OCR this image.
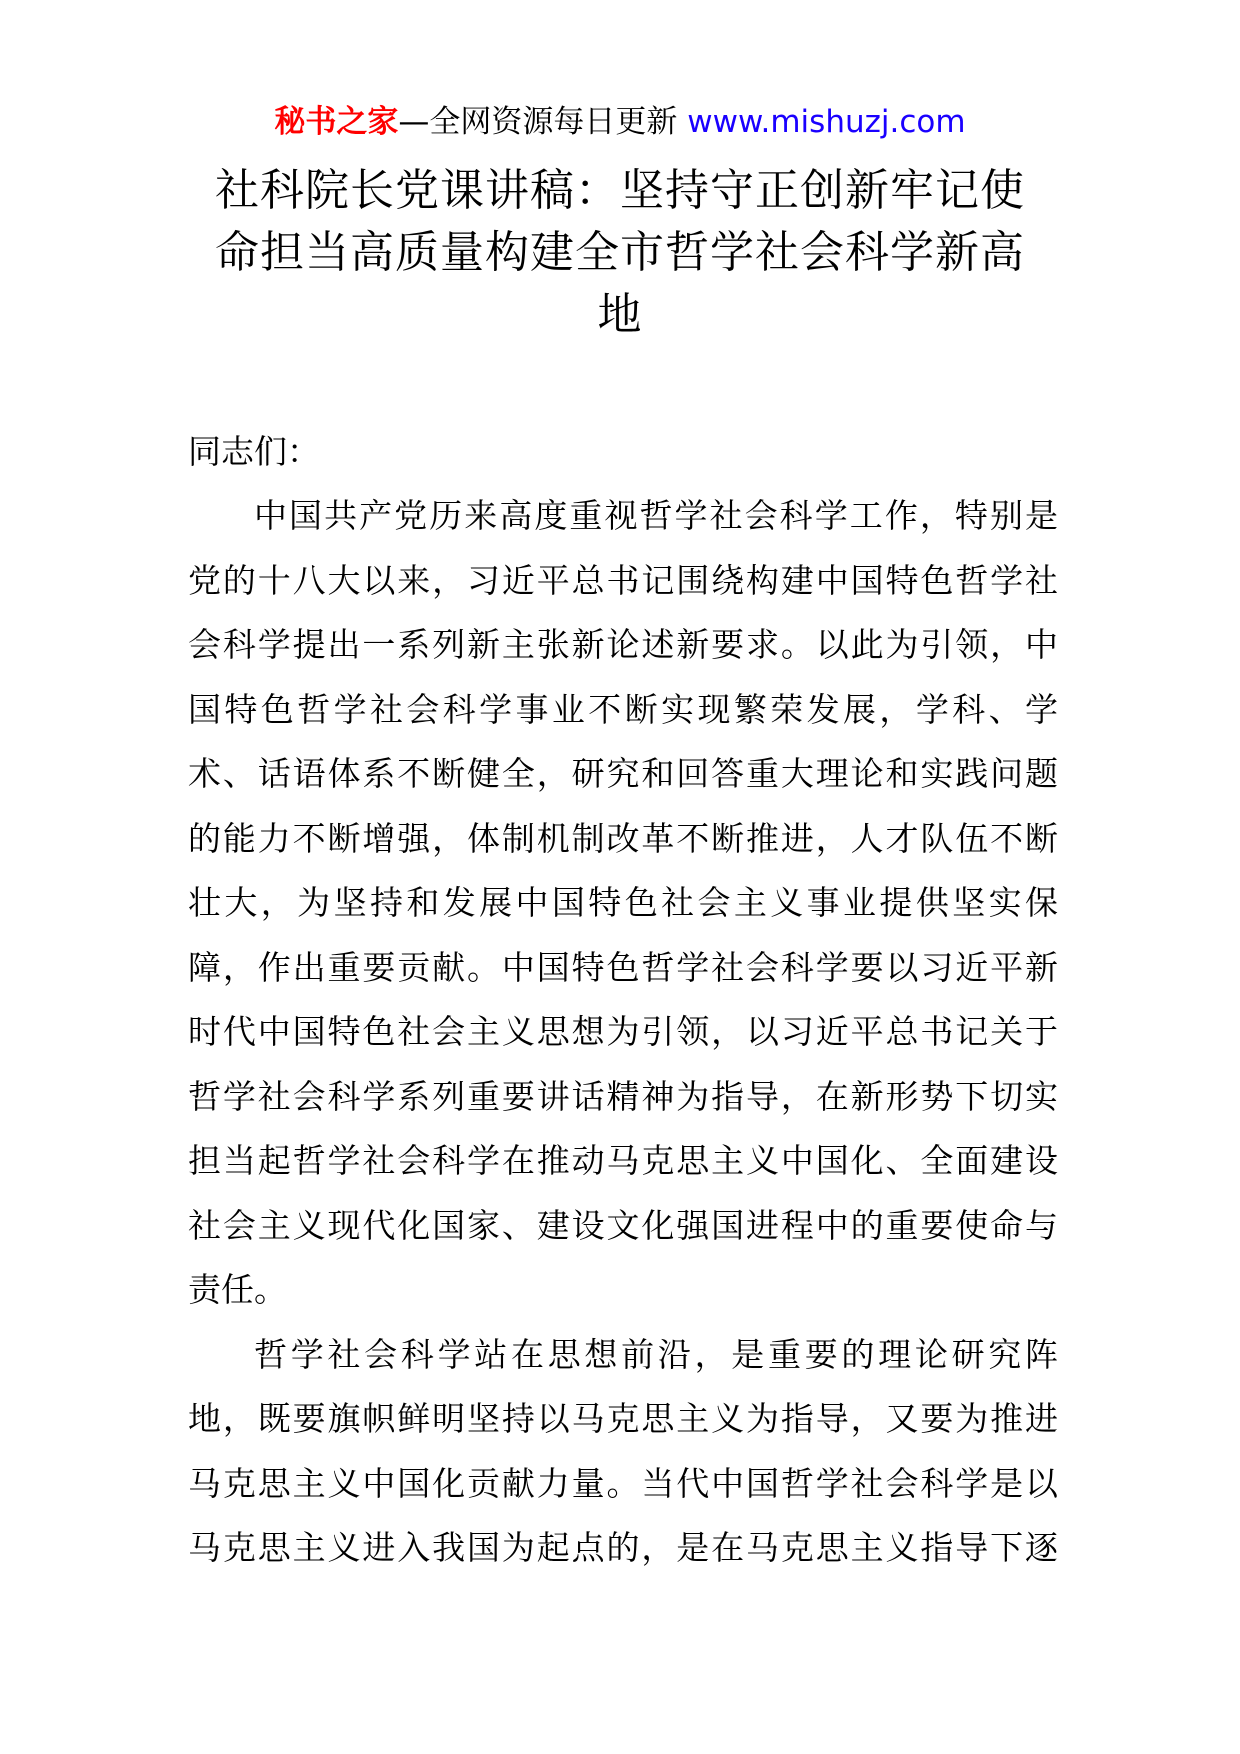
秘书之家—全网资源每日更新 www.mishuzj.com
社科院长党课讲稿：坚持守正创新牢记使
命担当高质量构建全市哲学社会科学新高
地

同志们：

中国共产党历来高度重视哲学社会科学工作，特别是
党的十八大以来，习近平总书记围绕构建中国特色哲学社
会科学提出一系列新主张新论述新要求。以此为引领，中
国特色哲学社会科学事业不断实现繁荣发展，学科、学
术、话语体系不断健全，研究和回答重大理论和实践问题
的能力不断增强，体制机制改革不断推进，人才队伍不断
壮大，为坚持和发展中国特色社会主义事业提供坚实保
障，作出重要贡献。中国特色哲学社会科学要以习近平新
时代中国特色社会主义思想为引领，以习近平总书记关于
哲学社会科学系列重要讲话精神为指导，在新形势下切实
担当起哲学社会科学在推动马克思主义中国化、全面建设
社会主义现代化国家、建设文化强国进程中的重要使命与
责任。
哲学社会科学站在思想前沿，是重要的理论研究阵
地，既要旗帜鲜明坚持以马克思主义为指导，又要为推进
马克思主义中国化贡献力量。当代中国哲学社会科学是以
马克思主义进入我国为起点的，是在马克思主义指导下逐
